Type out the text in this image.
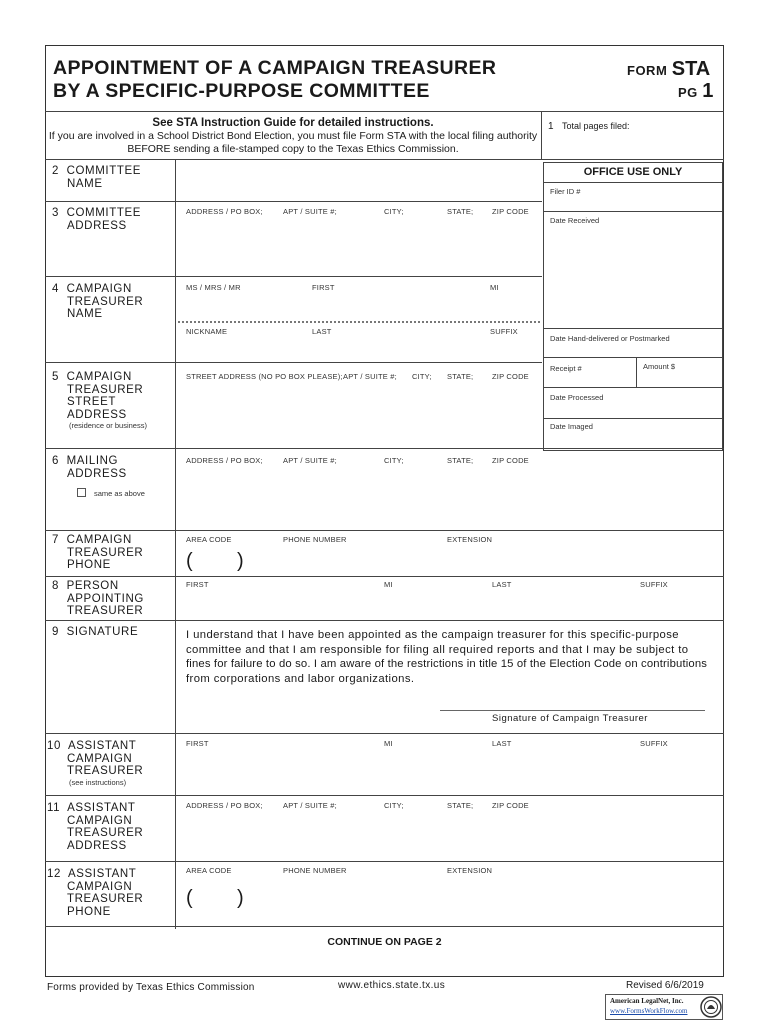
APPOINTMENT OF A CAMPAIGN TREASURER
BY A SPECIFIC-PURPOSE COMMITTEE
FORM STA
PG 1
See STA Instruction Guide for detailed instructions.
If you are involved in a School District Bond Election, you must file Form STA with the local filing authority
BEFORE sending a file-stamped copy to the Texas Ethics Commission.
1 Total pages filed:
OFFICE USE ONLY
Filer ID #
Date Received
Date Hand-delivered or Postmarked
Receipt #	Amount $
Date Processed
Date Imaged
2 COMMITTEE
NAME
3 COMMITTEE
ADDRESS
ADDRESS / PO BOX;	APT / SUITE #;	CITY;	STATE; ZIP CODE
4 CAMPAIGN
TREASURER
NAME
MS / MRS / MR	FIRST	MI
NICKNAME	LAST	SUFFIX
5 CAMPAIGN
TREASURER
STREET
ADDRESS
(residence or business)
STREET ADDRESS (NO PO BOX PLEASE); APT / SUITE #; CITY; STATE; ZIP CODE
6 MAILING
ADDRESS
same as above
ADDRESS / PO BOX;	APT / SUITE #;	CITY;	STATE; ZIP CODE
7 CAMPAIGN
TREASURER
PHONE
AREA CODE	PHONE NUMBER	EXTENSION
( )
8 PERSON
APPOINTING
TREASURER
FIRST	MI	LAST	SUFFIX
9 SIGNATURE	I understand that I have been appointed as the campaign treasurer for this specific-purpose
committee and that I am responsible for filing all required reports and that I may be subject to
fines for failure to do so. I am aware of the restrictions in title 15 of the Election Code on contributions
from corporations and labor organizations.
Signature of Campaign Treasurer
10 ASSISTANT
CAMPAIGN
TREASURER
(see instructions)
FIRST	MI	LAST	SUFFIX
11 ASSISTANT
CAMPAIGN
TREASURER
ADDRESS
ADDRESS / PO BOX;	APT / SUITE #;	CITY;	STATE; ZIP CODE
12 ASSISTANT
CAMPAIGN
TREASURER
PHONE
AREA CODE	PHONE NUMBER	EXTENSION
( )
CONTINUE ON PAGE 2
Forms provided by Texas Ethics Commission	www.ethics.state.tx.us	Revised 6/6/2019
American LegalNet, Inc.
www.FormsWorkFlow.com
